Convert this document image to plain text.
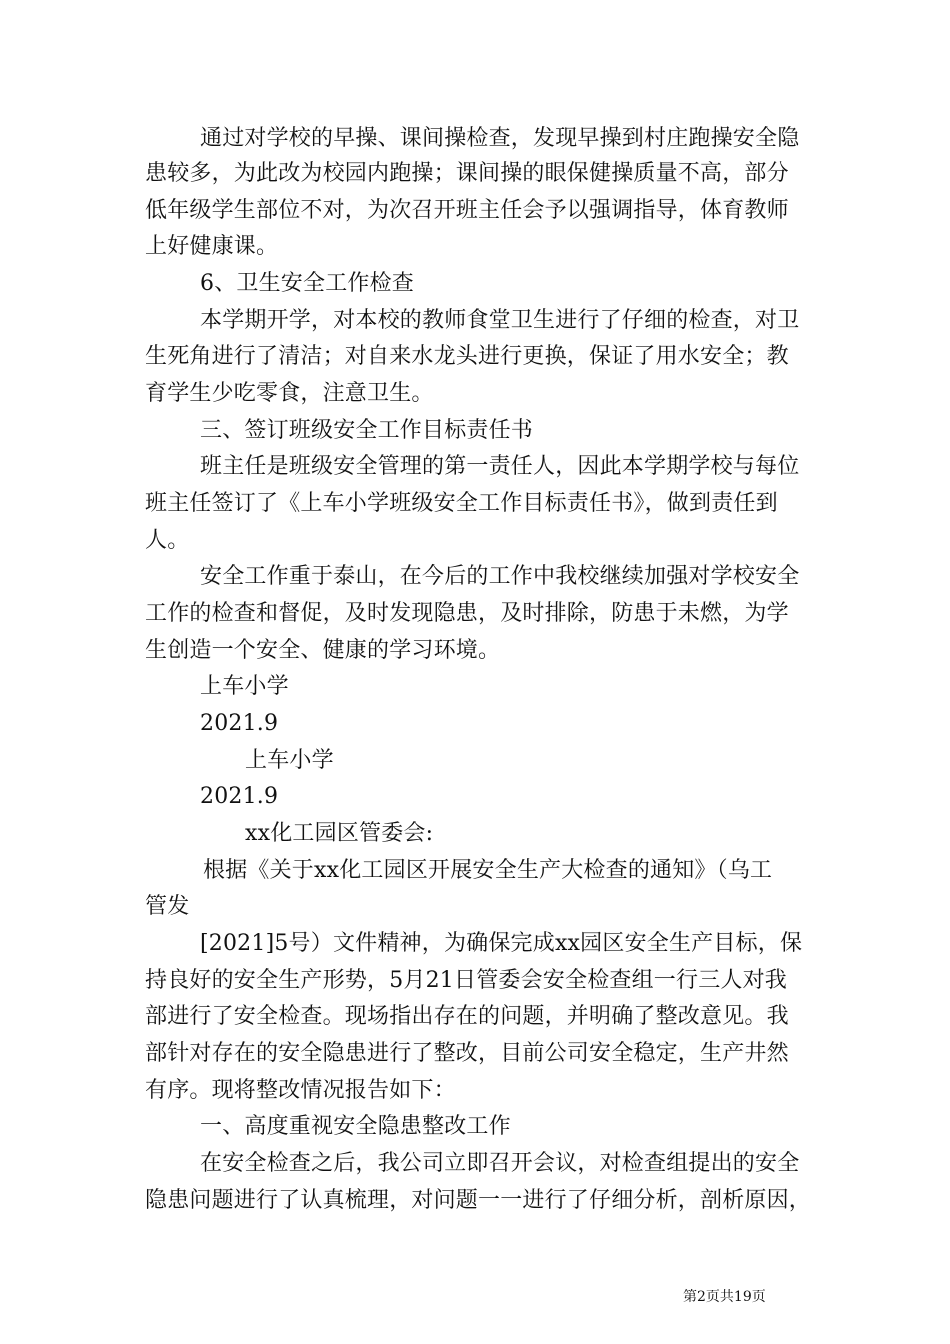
通过对学校的早操、课间操检查，发现早操到村庄跑操安全隐
患较多，为此改为校园内跑操；课间操的眼保健操质量不高，部分
低年级学生部位不对，为次召开班主任会予以强调指导，体育教师
上好健康课。
6、卫生安全工作检查
本学期开学，对本校的教师食堂卫生进行了仔细的检查，对卫
生死角进行了清洁；对自来水龙头进行更换，保证了用水安全；教
育学生少吃零食，注意卫生。
三、签订班级安全工作目标责任书
班主任是班级安全管理的第一责任人，因此本学期学校与每位
班主任签订了《上车小学班级安全工作目标责任书》，做到责任到
人。
安全工作重于泰山，在今后的工作中我校继续加强对学校安全
工作的检查和督促，及时发现隐患，及时排除，防患于未燃，为学
生创造一个安全、健康的学习环境。
上车小学
2021.9
上车小学
2021.9
xx化工园区管委会:
根据《关于xx化工园区开展安全生产大检查的通知》（乌工
管发
[2021]5号）文件精神，为确保完成xx园区安全生产目标，保
持良好的安全生产形势，5月21日管委会安全检查组一行三人对我
部进行了安全检查。现场指出存在的问题，并明确了整改意见。我
部针对存在的安全隐患进行了整改，目前公司安全稳定，生产井然
有序。现将整改情况报告如下：
一、高度重视安全隐患整改工作
在安全检查之后，我公司立即召开会议，对检查组提出的安全
隐患问题进行了认真梳理，对问题一一进行了仔细分析，剖析原因，
第2页共19页
